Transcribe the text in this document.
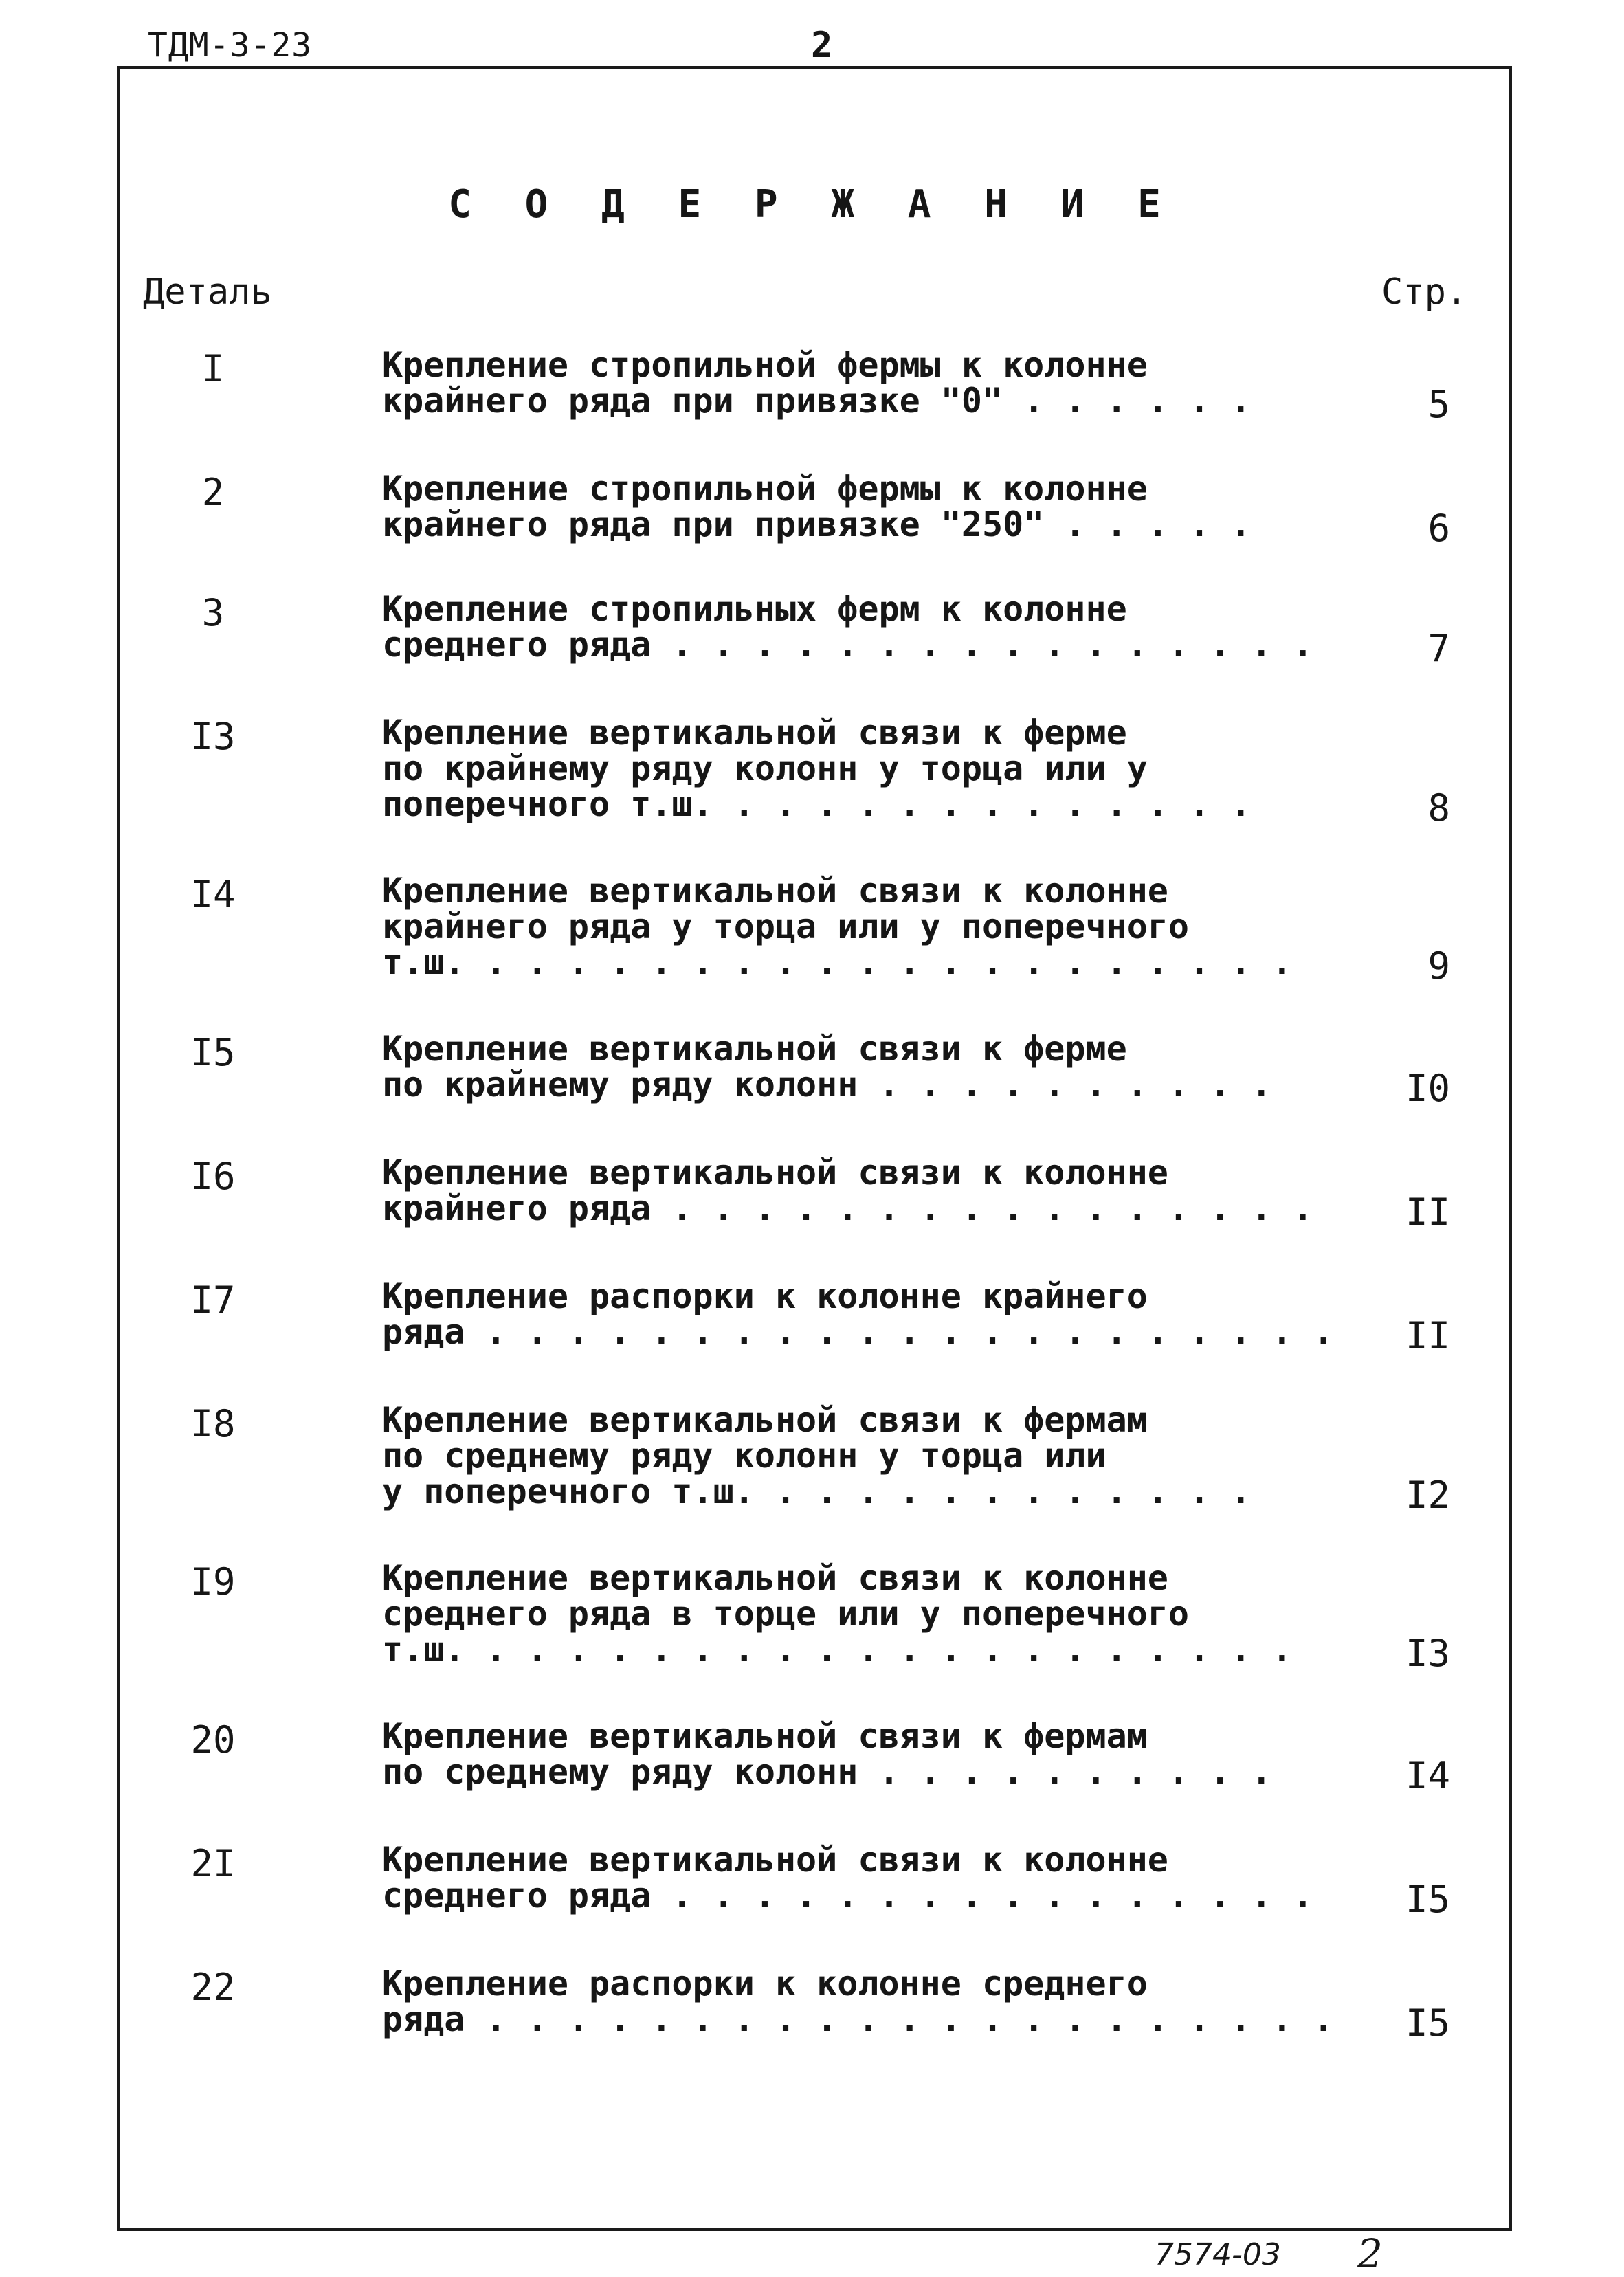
ТДМ-3-23	2
С О Д Е Р Ж А Н И Е
Деталь	Стр.
I	Крепление стропильной фермы к колонне
крайнего ряда при привязке "0" . . . . . .	5
2	Крепление стропильной фермы к колонне
крайнего ряда при привязке "250" . . . . .	6
3	Крепление стропильных ферм к колонне
среднего ряда . . . . . . . . . . . . . . . .	7
I3	Крепление вертикальной связи к ферме
по крайнему ряду колонн у торца или у
поперечного т.ш. . . . . . . . . . . . . .	8
I4	Крепление вертикальной связи к колонне
крайнего ряда у торца или у поперечного
т.ш. . . . . . . . . . . . . . . . . . . . .	9
I5	Крепление вертикальной связи к ферме
по крайнему ряду колонн . . . . . . . . . .	I0
I6	Крепление вертикальной связи к колонне
крайнего ряда . . . . . . . . . . . . . . . .	II
I7	Крепление распорки к колонне крайнего
ряда . . . . . . . . . . . . . . . . . . . . .	II
I8	Крепление вертикальной связи к фермам
по среднему ряду колонн у торца или
у поперечного т.ш. . . . . . . . . . . . .	I2
I9	Крепление вертикальной связи к колонне
среднего ряда в торце или у поперечного
т.ш. . . . . . . . . . . . . . . . . . . . .	I3
20	Крепление вертикальной связи к фермам
по среднему ряду колонн . . . . . . . . . .	I4
2I	Крепление вертикальной связи к колонне
среднего ряда . . . . . . . . . . . . . . . .	I5
22	Крепление распорки к колонне среднего
ряда . . . . . . . . . . . . . . . . . . . . .	I5
7574-03 2
